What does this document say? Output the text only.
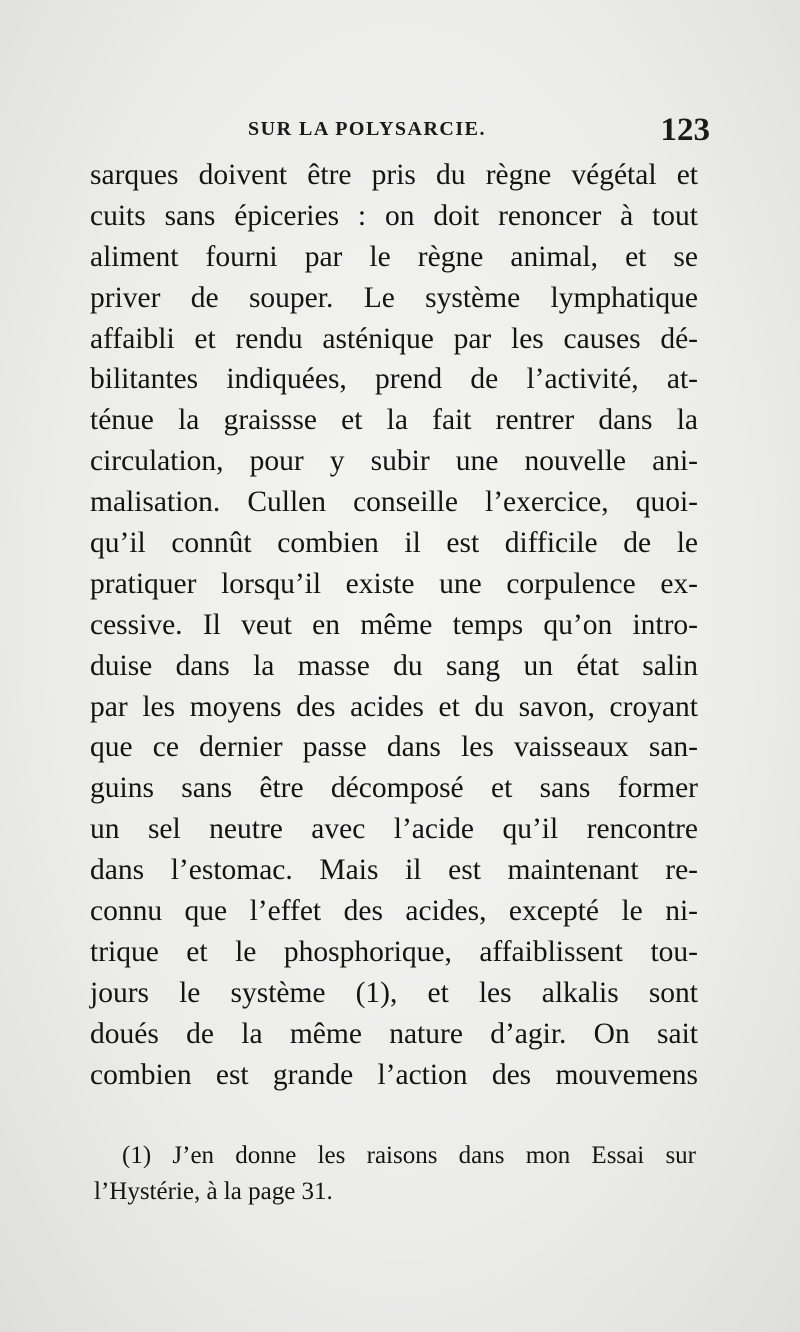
SUR LA POLYSARCIE.	123
sarques doivent être pris du règne végétal et
cuits sans épiceries : on doit renoncer à tout
aliment fourni par le règne animal, et se
priver de souper. Le système lymphatique
affaibli et rendu asténique par les causes dé-
bilitantes indiquées, prend de l’activité, at-
ténue la graissse et la fait rentrer dans la
circulation, pour y subir une nouvelle ani-
malisation. Cullen conseille l’exercice, quoi-
qu’il connût combien il est difficile de le
pratiquer lorsqu’il existe une corpulence ex-
cessive. Il veut en même temps qu’on intro-
duise dans la masse du sang un état salin
par les moyens des acides et du savon, croyant
que ce dernier passe dans les vaisseaux san-
guins sans être décomposé et sans former
un sel neutre avec l’acide qu’il rencontre
dans l’estomac. Mais il est maintenant re-
connu que l’effet des acides, excepté le ni-
trique et le phosphorique, affaiblissent tou-
jours le système (1), et les alkalis sont
doués de la même nature d’agir. On sait
combien est grande l’action des mouvemens
(1) J’en donne les raisons dans mon Essai sur
l’Hystérie, à la page 31.
